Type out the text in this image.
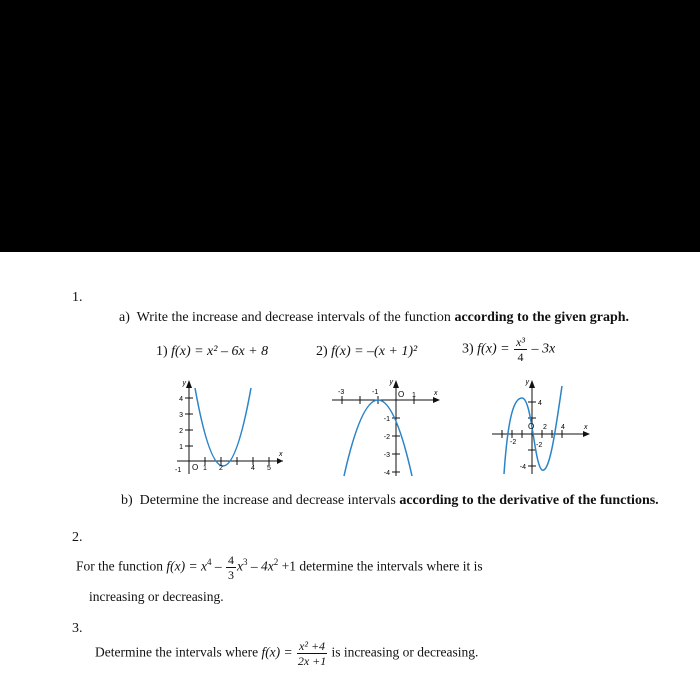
1.
a) Write the increase and decrease intervals of the function according to the given graph.
1) f(x) = x² – 6x + 8	2) f(x) = –(x + 1)²	3) $f(x) = \frac{\text{x³}}{4} - 3x$
y
x
4
3
2
1
-1 O 1 2	4 5
y
x
-3	-1 O 1
-1
-2
-3
-4
y
x
4
-2
O 2 4
-2
-4
b) Determine the increase and decrease intervals according to the derivative of the functions.
2.
For the function $f(x) = x^4 - \frac{4}{3} x^3 - 4x^2 +1$ determine the intervals where it is
increasing or decreasing.
3.
Determine the intervals where $f(x) = \frac{\text{x² +4}}{2x +1}$ is increasing or decreasing.
